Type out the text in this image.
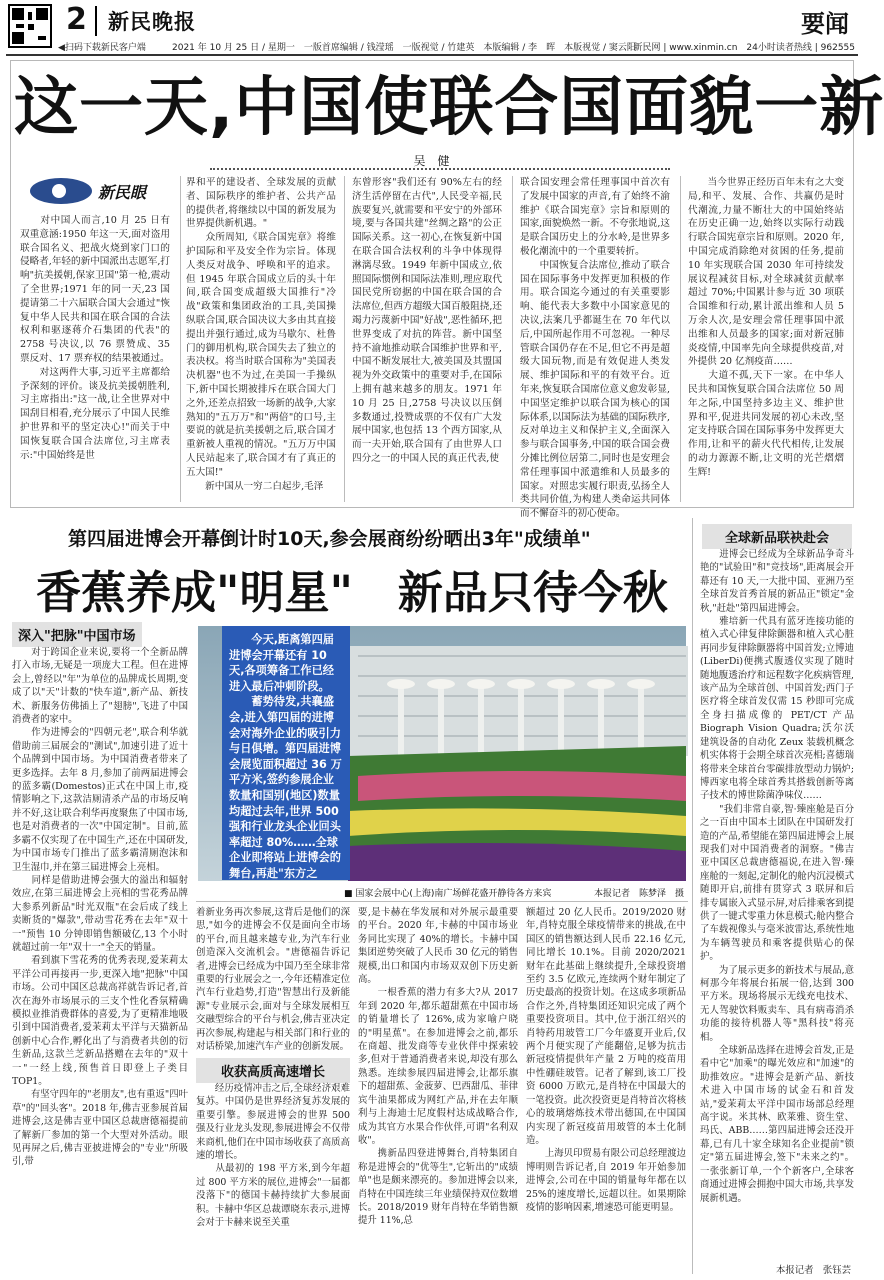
2 新民晚报	要闻
◀扫码下载新民客户端	2021 年 10 月 25 日 / 星期一　一版首席编辑 / 钱滢瑶　一版视觉 / 竹建英　本版编辑 / 李　晖　本版视觉 / 窦云阳
新民网 | www.xinmin.cn　24小时读者热线 | 962555
这一天,中国使联合国面貌一新
吴　健
新民眼
　　对中国人而言,10 月 25 日有双重意涵:1950 年这一天,面对盗用联合国名义、把战火烧到家门口的侵略者,年轻的新中国派出志愿军,打响"抗美援朝,保家卫国"第一枪,震动了全世界;1971 年的同一天,23 国提请第二十六届联合国大会通过"恢复中华人民共和国在联合国的合法权利和驱逐蒋介石集团的代表"的 2758 号决议,以 76 票赞成、35 票反对、17 票弃权的结果被通过。
　　对这两件大事,习近平主席都给予深刻的评价。谈及抗美援朝胜利,习主席指出:"这一战,让全世界对中国刮目相看,充分展示了中国人民维护世界和平的坚定决心!"而关于中国恢复联合国合法席位,习主席表示:"中国始终是世
界和平的建设者、全球发展的贡献者、国际秩序的维护者、公共产品的提供者,将继续以中国的新发展为世界提供新机遇。"
　　众所周知,《联合国宪章》将维护国际和平及安全作为宗旨。体现人类反对战争、呼唤和平的追求。但 1945 年联合国成立后的头十年间,联合国变成超级大国推行"冷战"政策和集团政治的工具,美国操纵联合国,联合国决议大多由其直接提出并强行通过,成为马歇尔、杜鲁门的御用机构,联合国失去了独立的表决权。将当时联合国称为"美国表决机器"也不为过,在美国一手操纵下,新中国长期被排斥在联合国大门之外,还差点招致一场新的战争,大家熟知的"五万万"和"两倍"的口号,主要说的就是抗美援朝之后,联合国才重新被人重视的情况。"五万万中国人民站起来了,联合国才有了真正的五大国!"
　　新中国从一穷二白起步,毛泽
东曾形容"我们还有 90%左右的经济生活停留在古代",人民受辛福,民族要复兴,就需要和平安宁的外部环境,要与各国共建"丝绸之路"的公正国际关系。这一初心,在恢复新中国在联合国合法权利的斗争中体现得淋漓尽致。1949 年新中国成立,依照国际惯例和国际法准则,理应取代国民党所窃据的中国在联合国的合法席位,但西方超级大国百般阻挠,还竭力污蔑新中国"好战",恶性循环,把世界变成了对抗的阵营。新中国坚持不渝地推动联合国维护世界和平,中国不断发展壮大,被美国及其盟国视为外交政策中的重要对手,在国际上拥有越来越多的朋友。1971 年 10 月 25 日,2758 号决议以压倒多数通过,投赞成票的不仅有广大发展中国家,也包括 13 个西方国家,从而一夫开始,联合国有了由世界人口四分之一的中国人民的真正代表,使
联合国安理会常任理事国中首次有了发展中国家的声音,有了始终不渝维护《联合国宪章》宗旨和原则的国家,面貌焕然一新。不夸张地说,这是联合国历史上的分水岭,是世界多极化潮流中的一个重要转折。
　　中国恢复合法席位,推动了联合国在国际事务中发挥更加积极的作用。联合国迄今通过的有关重要影响、能代表大多数中小国家意见的决议,法案几乎都诞生在 70 年代以后,中国所起作用不可忽视。一种尽管联合国仍存在不足,但它不再是超级大国玩物,而是有效促进人类发展、维护国际和平的有效平台。近年来,恢复联合国席位意义愈发彰显,中国坚定维护以联合国为核心的国际体系,以国际法为基础的国际秩序,反对单边主义和保护主义,全面深入参与联合国事务,中国的联合国会费分摊比例位居第二,同时也是安理会常任理事国中派遣维和人员最多的国家。对照忠实履行职责,弘扬全人类共同价值,为构建人类命运共同体而不懈奋斗的初心使命。
　　当今世界正经历百年未有之大变局,和平、发展、合作、共赢仍是时代潮流,力量不断壮大的中国始终站在历史正确一边,始终以实际行动践行联合国宪章宗旨和原则。2020 年,中国完成消除绝对贫困的任务,提前 10 年实现联合国 2030 年可持续发展议程减贫目标,对全球减贫贡献率超过 70%;中国累计参与近 30 项联合国维和行动,累计派出维和人员 5 万余人次,是安理会常任理事国中派出维和人员最多的国家;面对新冠肺炎疫情,中国率先向全球提供疫苗,对外提供 20 亿剂疫苗……
　　大道不孤,天下一家。在中华人民共和国恢复联合国合法席位 50 周年之际,中国坚持多边主义、维护世界和平,促进共同发展的初心未改,坚定支持联合国在国际事务中发挥更大作用,让和平的薪火代代相传,让发展的动力源源不断,让文明的光芒熠熠生辉!
第四届进博会开幕倒计时10天,参会展商纷纷晒出3年"成绩单"
香蕉养成"明星"　新品只待今秋
全球新品联袂赴会
深入"把脉"中国市场
　　对于跨国企业来说,要将一个全新品牌打入市场,无疑是一项庞大工程。但在进博会上,曾经以"年"为单位的品牌成长周期,变成了以"天"计数的"快车道",新产品、新技术、新服务仿佛插上了"翅膀",飞进了中国消费者的家中。
　　作为进博会的"四朝元老",联合利华就借助前三届展会的"测试",加速引进了近十个品牌到中国市场。为中国消费者带来了更多选择。去年 8 月,参加了前两届进博会的蓝多霸(Domestos)正式在中国上市,疫情影响之下,这款洁厕清杀产品的市场反响并不好,这让联合利华再度聚焦了中国市场,也是对消费者的一次"中国定制"。目前,蓝多霸不仅实现了在中国生产,还在中国研发,为中国市场专门推出了蓝多霸清厕泡沫和卫生湿巾,并在第三届进博会上亮相。
　　同样是借助进博会强大的溢出和辐射效应,在第三届进博会上亮相的雪花秀品牌大参系列新品"时光双瓶"在会后成了线上卖断货的"爆款",带动雪花秀在去年"双十一"预售 10 分钟即销售额破亿,13 个小时就超过前一年"双十一"全天的销量。
　　看到旗下雪花秀的优秀表现,爱茉莉太平洋公司再接再一步,更深入地"把脉"中国市场。公司中国区总裁高祥就告诉记者,首次在海外市场展示的三支个性化香氛精确模拟业推消费群体的喜爱,为了更精准地吸引到中国消费者,爱茉莉太平洋与天猫新品创新中心合作,孵化出了与消费者共创的衍生新品,这款兰芝新品搭赠在去年的"双十一"一经上线,预售首日即登上子类目 TOP1。
　　有坚守四年的"老朋友",也有重返"四叶草"的"回头客"。2018 年,佛吉亚参展首届进博会,这是佛吉亚中国区总裁唐德福提前了解新厂参加的第一个大型对外活动。眼见再屏之后,佛吉亚披进博会的"专业"所吸引,带
　　今天,距离第四届进博会开幕还有 10 天,各项筹备工作已经进入最后冲刺阶段。
　　蓄势待发,共襄盛会,进入第四届的进博会对海外企业的吸引力与日俱增。第四届进博会展览面积超过 36 万平方米,签约参展企业数量和国别(地区)数量均超过去年,世界 500 强和行业龙头企业回头率超过 80%……全球企业即将站上进博会的舞台,再赴"东方之约"。	■ 国家会展中心(上海)南广场鲜花盛开静待各方来宾	本报记者　陈梦泽　摄
着新业务再次参展,这背后是他们的深思,"如今的进博会不仅是面向全市场的平台,而且越来越专业,为汽车行业创造深入交流机会。"唐德福告诉记者,进博会已经成为中国乃至全球非常重要的行业展会之一,今年还精准定位汽车行业趋势,打造"智慧出行及新能源"专业展示会,面对与全球发展相互交融型综合的平台与机会,佛吉亚决定再次参展,构建起与相关部门和行业的对话桥梁,加速汽车产业的创新发展。
收获高质高速增长
　　经历疫情冲击之后,全球经济艰难复苏。中国仍是世界经济复苏发展的重要引擎。参展进博会的世界 500 强及行业龙头发现,参展进博会不仅带来商机,他们在中国市场收获了高质高速的增长。
　　从最初的 198 平方米,到今年超过 800 平方米的展位,进博会"一届都没落下"的德国卡赫持续扩大参展面积。卡赫中华区总裁谭晓东表示,进博会对于卡赫来说至关重
要,是卡赫在华发展和对外展示最重要的平台。2020 年,卡赫的中国市场业务同比实现了 40%的增长。卡赫中国集团逆势突破了人民币 30 亿元的销售规模,出口和国内市场双双创下历史新高。
　　一根香蕉的潜力有多大?从 2017 年到 2020 年,都乐超甜蕉在中国市场的销量增长了 126%,成为家喻户晓的"明星蕉"。在参加进博会之前,都乐在商超、批发商等专业伙伴中探索较多,但对于普通消费者来说,却没有那么熟悉。连续参展四届进博会,让都乐旗下的超甜蕉、金菠萝、巴西甜瓜、菲律宾牛油果都成为网红产品,并在去年顺利与上海迪士尼度假村达成战略合作,成为其官方水果合作伙伴,可谓"名利双收"。
　　携新品四登进博舞台,肖特集团自称是进博会的"优等生",它斩出的"成绩单"也是颇来漂亮的。参加进博会以来,肖特在中国连续三年业绩保持双位数增长。2018/2019 财年肖特在华销售额提升 11%,总
额超过 20 亿人民币。2019/2020 财年,肖特克服全球疫情带来的挑战,在中国区的销售额达到人民币 22.16 亿元,同比增长 10.1%。目前 2020/2021 财年在此基础上继续提升,全球投资增至约 3.5 亿欧元,连续两个财年制定了历史最高的投资计划。在这成多项新品合作之外,肖特集团还知识完成了两个重要投资项目。其中,位于浙江绍兴的肖特药用玻管工厂今年盛夏开业后,仅两个月便实现了产能翻倍,足够为抗击新冠疫情提供年产量 2 万吨的疫苗用中性硼硅玻管。记者了解到,该工厂投资 6000 万欧元,是肖特在中国最大的一笔投资。此次投资更是肖特首次将核心的玻璃熔炼技术带出德国,在中国国内实现了新冠疫苗用玻管的本土化制造。
　　上海贝印贸易有限公司总经理渡边博明则告诉记者,自 2019 年开始参加进博会,公司在中国的销量每年都在以 25%的速度增长,远超以往。如果期除疫情的影响因素,增速恐可能更明显。
　　进博会已经成为全球新品争奇斗艳的"试验田"和"竞技场",距离展会开幕还有 10 天,一大批中国、亚洲乃至全球首发首秀首展的新品正"锁定"金秋,"赶赴"第四届进博会。
　　雅培新一代具有蓝牙连接功能的植入式心律复律除颤器和植入式心脏再同步复律除颤器将中国首发;立博迪(LiberDi)便携式腹透仪实现了随时随地腹透治疗和远程数字化疾病管理,该产品为全球首创、中国首发;西门子医疗将全球首发仅需 15 秒即可完成全身扫描成像的 PET/CT 产品 Biograph Vision Quadra;沃尔沃建筑设备的自动化 Zeux 装载机概念机实体将于会期全球首次亮相;喜德瑞将带来全球首台零碳排放型动力锅炉;博西家电将全球首秀其搭载创新等离子技术的博世除菌净味仪……
　　"我们非常自豪,智·臻座舱是百分之一百由中国本土团队在中国研发打造的产品,希望能在第四届进博会上展现我们对中国消费者的洞察。"佛吉亚中国区总裁唐德福说,在进入智·臻座舱的一刻起,定制化的舱内沉浸模式随即开启,前排有贯穿式 3 联屏和后排专属嵌入式显示屏,对后排乘客到提供了一键式零重力休息模式;舱内整合了车载视像头与毫米波雷达,系统性地为车辆驾驶员和乘客提供贴心的保护。
　　为了展示更多的新技术与展品,意柯那今年将展台拓展一倍,达到 300 平方米。现场将展示无线充电技术、无人驾驶饮料贩卖车、具有病毒消杀功能的接待机器人等"黑科技"将亮相。
　　全球新品选择在进博会首发,正是看中它"加乘"的曝光效应和"加速"的助推效应。"进博会是新产品、新技术进入中国市场的试金石和首发站,"爱茉莉太平洋中国市场部总经理高宇说。米其林、欧莱雅、资生堂、玛氏、ABB……第四届进博会还没开幕,已有几十家全球知名企业提前"锁定"第五届进博会,签下"未来之约"。一张张新订单,一个个新客户,全球客商通过进博会拥抱中国大市场,共享发展新机遇。
本报记者　张钰芸
